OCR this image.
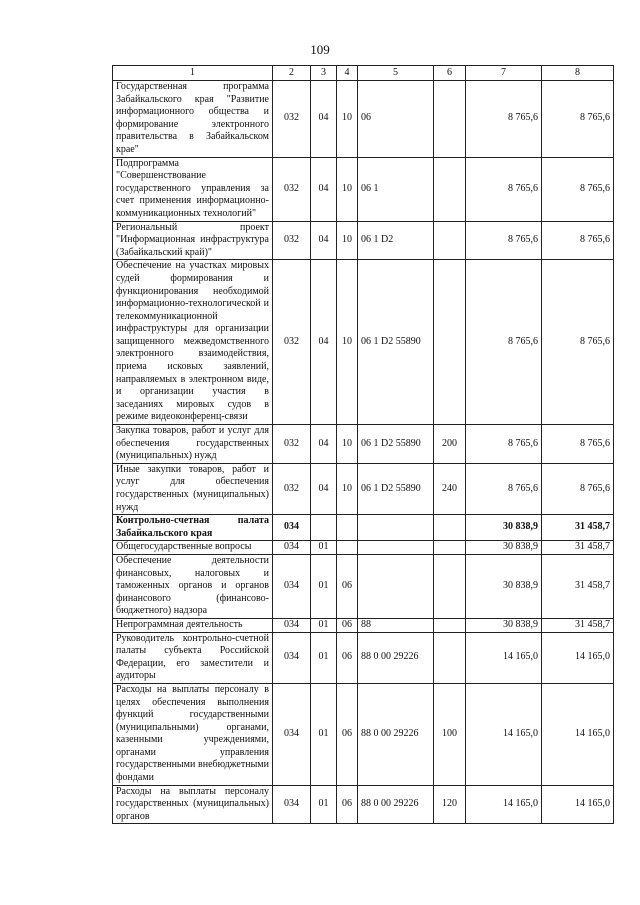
109
1	2	3	4	5	6	7	8
Государственная программа Забайкальского края "Развитие информационного общества и формирование электронного правительства в Забайкальском крае"	032	04	10	06		8 765,6	8 765,6
Подпрограмма "Совершенствование государственного управления за счет применения информационно-коммуникационных технологий"	032	04	10	06 1		8 765,6	8 765,6
Региональный проект "Информационная инфраструктура (Забайкальский край)"	032	04	10	06 1 D2		8 765,6	8 765,6
Обеспечение на участках мировых судей формирования и функционирования необходимой информационно-технологической и телекоммуникационной инфраструктуры для организации защищенного межведомственного электронного взаимодействия, приема исковых заявлений, направляемых в электронном виде, и организации участия в заседаниях мировых судов в режиме видеоконференц-связи	032	04	10	06 1 D2 55890		8 765,6	8 765,6
Закупка товаров, работ и услуг для обеспечения государственных (муниципальных) нужд	032	04	10	06 1 D2 55890	200	8 765,6	8 765,6
Иные закупки товаров, работ и услуг для обеспечения государственных (муниципальных) нужд	032	04	10	06 1 D2 55890	240	8 765,6	8 765,6
Контрольно-счетная палата Забайкальского края	034					30 838,9	31 458,7
Общегосударственные вопросы	034	01				30 838,9	31 458,7
Обеспечение деятельности финансовых, налоговых и таможенных органов и органов финансового (финансово-бюджетного) надзора	034	01	06			30 838,9	31 458,7
Непрограммная деятельность	034	01	06	88		30 838,9	31 458,7
Руководитель контрольно-счетной палаты субъекта Российской Федерации, его заместители и аудиторы	034	01	06	88 0 00 29226		14 165,0	14 165,0
Расходы на выплаты персоналу в целях обеспечения выполнения функций государственными (муниципальными) органами, казенными учреждениями, органами управления государственными внебюджетными фондами	034	01	06	88 0 00 29226	100	14 165,0	14 165,0
Расходы на выплаты персоналу государственных (муниципальных) органов	034	01	06	88 0 00 29226	120	14 165,0	14 165,0
